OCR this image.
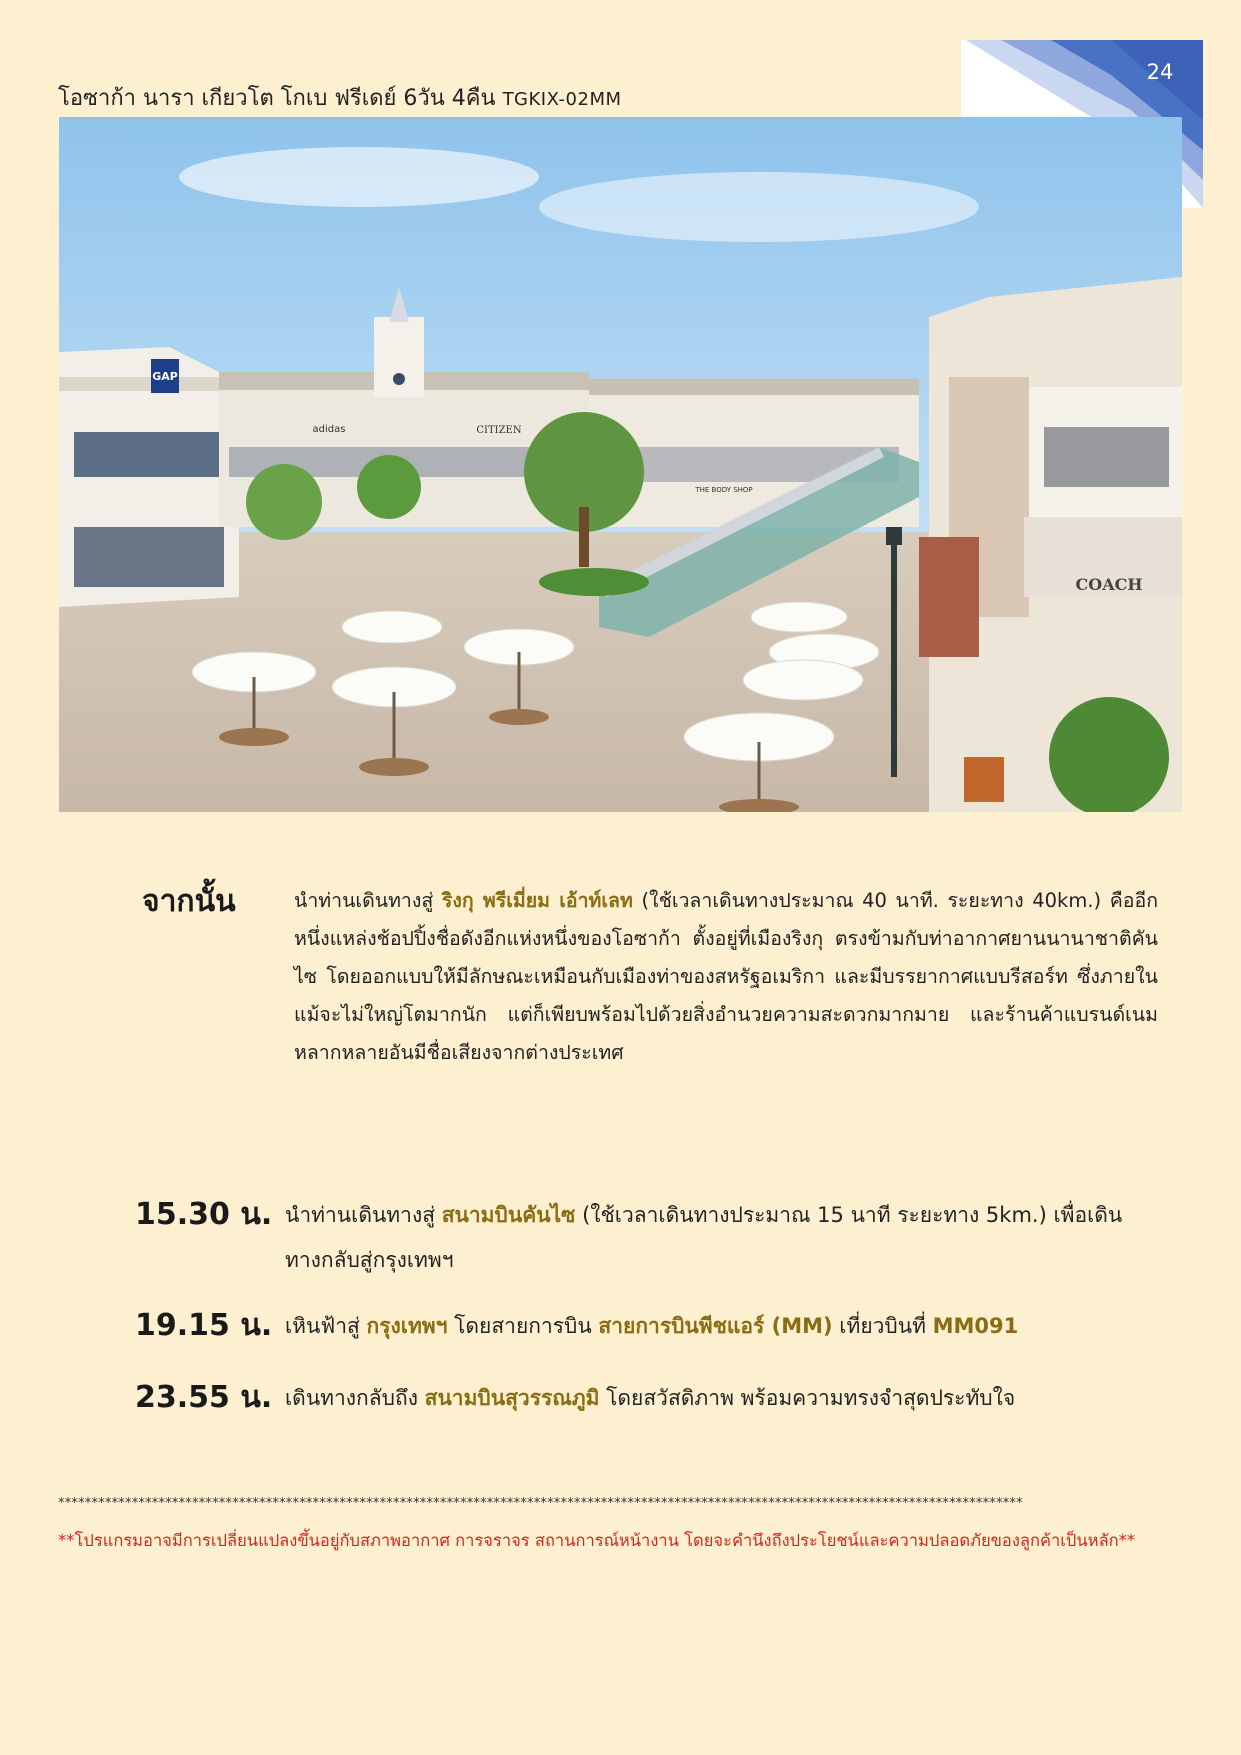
24
โอซาก้า นารา เกียวโต โกเบ ฟรีเดย์ 6วัน 4คืน TGKIX-02MM
GAP
adidas	CITIZEN
COACH
THE BODY SHOP
จากนั้น	นำท่านเดินทางสู่ ริงกุ พรีเมี่ยม เอ้าท์เลท (ใช้เวลาเดินทางประมาณ 40 นาที. ระยะทาง 40km.) คืออีกหนึ่งแหล่งช้อปปิ้งชื่อดังอีกแห่งหนึ่งของโอซาก้า ตั้งอยู่ที่เมืองริงกุ ตรงข้ามกับท่าอากาศยานนานาชาติคันไซ โดยออกแบบให้มีลักษณะเหมือนกับเมืองท่าของสหรัฐอเมริกา และมีบรรยากาศแบบรีสอร์ท ซึ่งภายในแม้จะไม่ใหญ่โตมากนัก แต่ก็เพียบพร้อมไปด้วยสิ่งอำนวยความสะดวกมากมาย และร้านค้าแบรนด์เนมหลากหลายอันมีชื่อเสียงจากต่างประเทศ
15.30 น. นำท่านเดินทางสู่ สนามบินคันไซ (ใช้เวลาเดินทางประมาณ 15 นาที ระยะทาง 5km.) เพื่อเดินทางกลับสู่กรุงเทพฯ
19.15 น. เหินฟ้าสู่ กรุงเทพฯ โดยสายการบิน สายการบินพีชแอร์ (MM) เที่ยวบินที่ MM091
23.55 น. เดินทางกลับถึง สนามบินสุวรรณภูมิ โดยสวัสดิภาพ พร้อมความทรงจำสุดประทับใจ
************************************************************************************************************************************************
**โปรแกรมอาจมีการเปลี่ยนแปลงขึ้นอยู่กับสภาพอากาศ การจราจร สถานการณ์หน้างาน โดยจะคำนึงถึงประโยชน์และความปลอดภัยของลูกค้าเป็นหลัก**
